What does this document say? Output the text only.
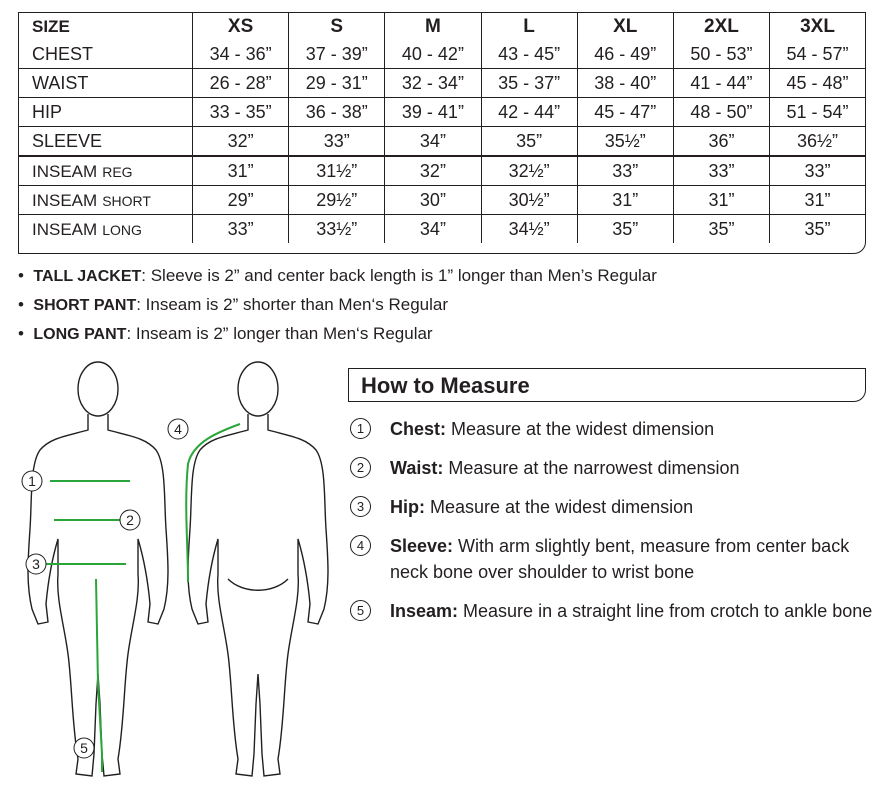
SIZE	XS	S	M	L	XL	2XL	3XL
CHEST	34 - 36”	37 - 39”	40 - 42”	43 - 45”	46 - 49”	50 - 53”	54 - 57”
WAIST	26 - 28”	29 - 31”	32 - 34”	35 - 37”	38 - 40”	41 - 44”	45 - 48”
HIP	33 - 35”	36 - 38”	39 - 41”	42 - 44”	45 - 47”	48 - 50”	51 - 54”
SLEEVE	32”	33”	34”	35”	35½”	36”	36½”
INSEAM REG	31”	31½”	32”	32½”	33”	33”	33”
INSEAM SHORT	29”	29½”	30”	30½”	31”	31”	31”
INSEAM LONG	33”	33½”	34”	34½”	35”	35”	35”
•  TALL JACKET: Sleeve is 2” and center back length is 1” longer than Men’s Regular
•  SHORT PANT: Inseam is 2” shorter than Men‘s Regular
•  LONG PANT: Inseam is 2” longer than Men‘s Regular
1
2
3
4
5
How to Measure
1	Chest: Measure at the widest dimension
2	Waist: Measure at the narrowest dimension
3	Hip: Measure at the widest dimension
4	Sleeve: With arm slightly bent, measure from center back neck bone over shoulder to wrist bone
5	Inseam: Measure in a straight line from crotch to ankle bone
